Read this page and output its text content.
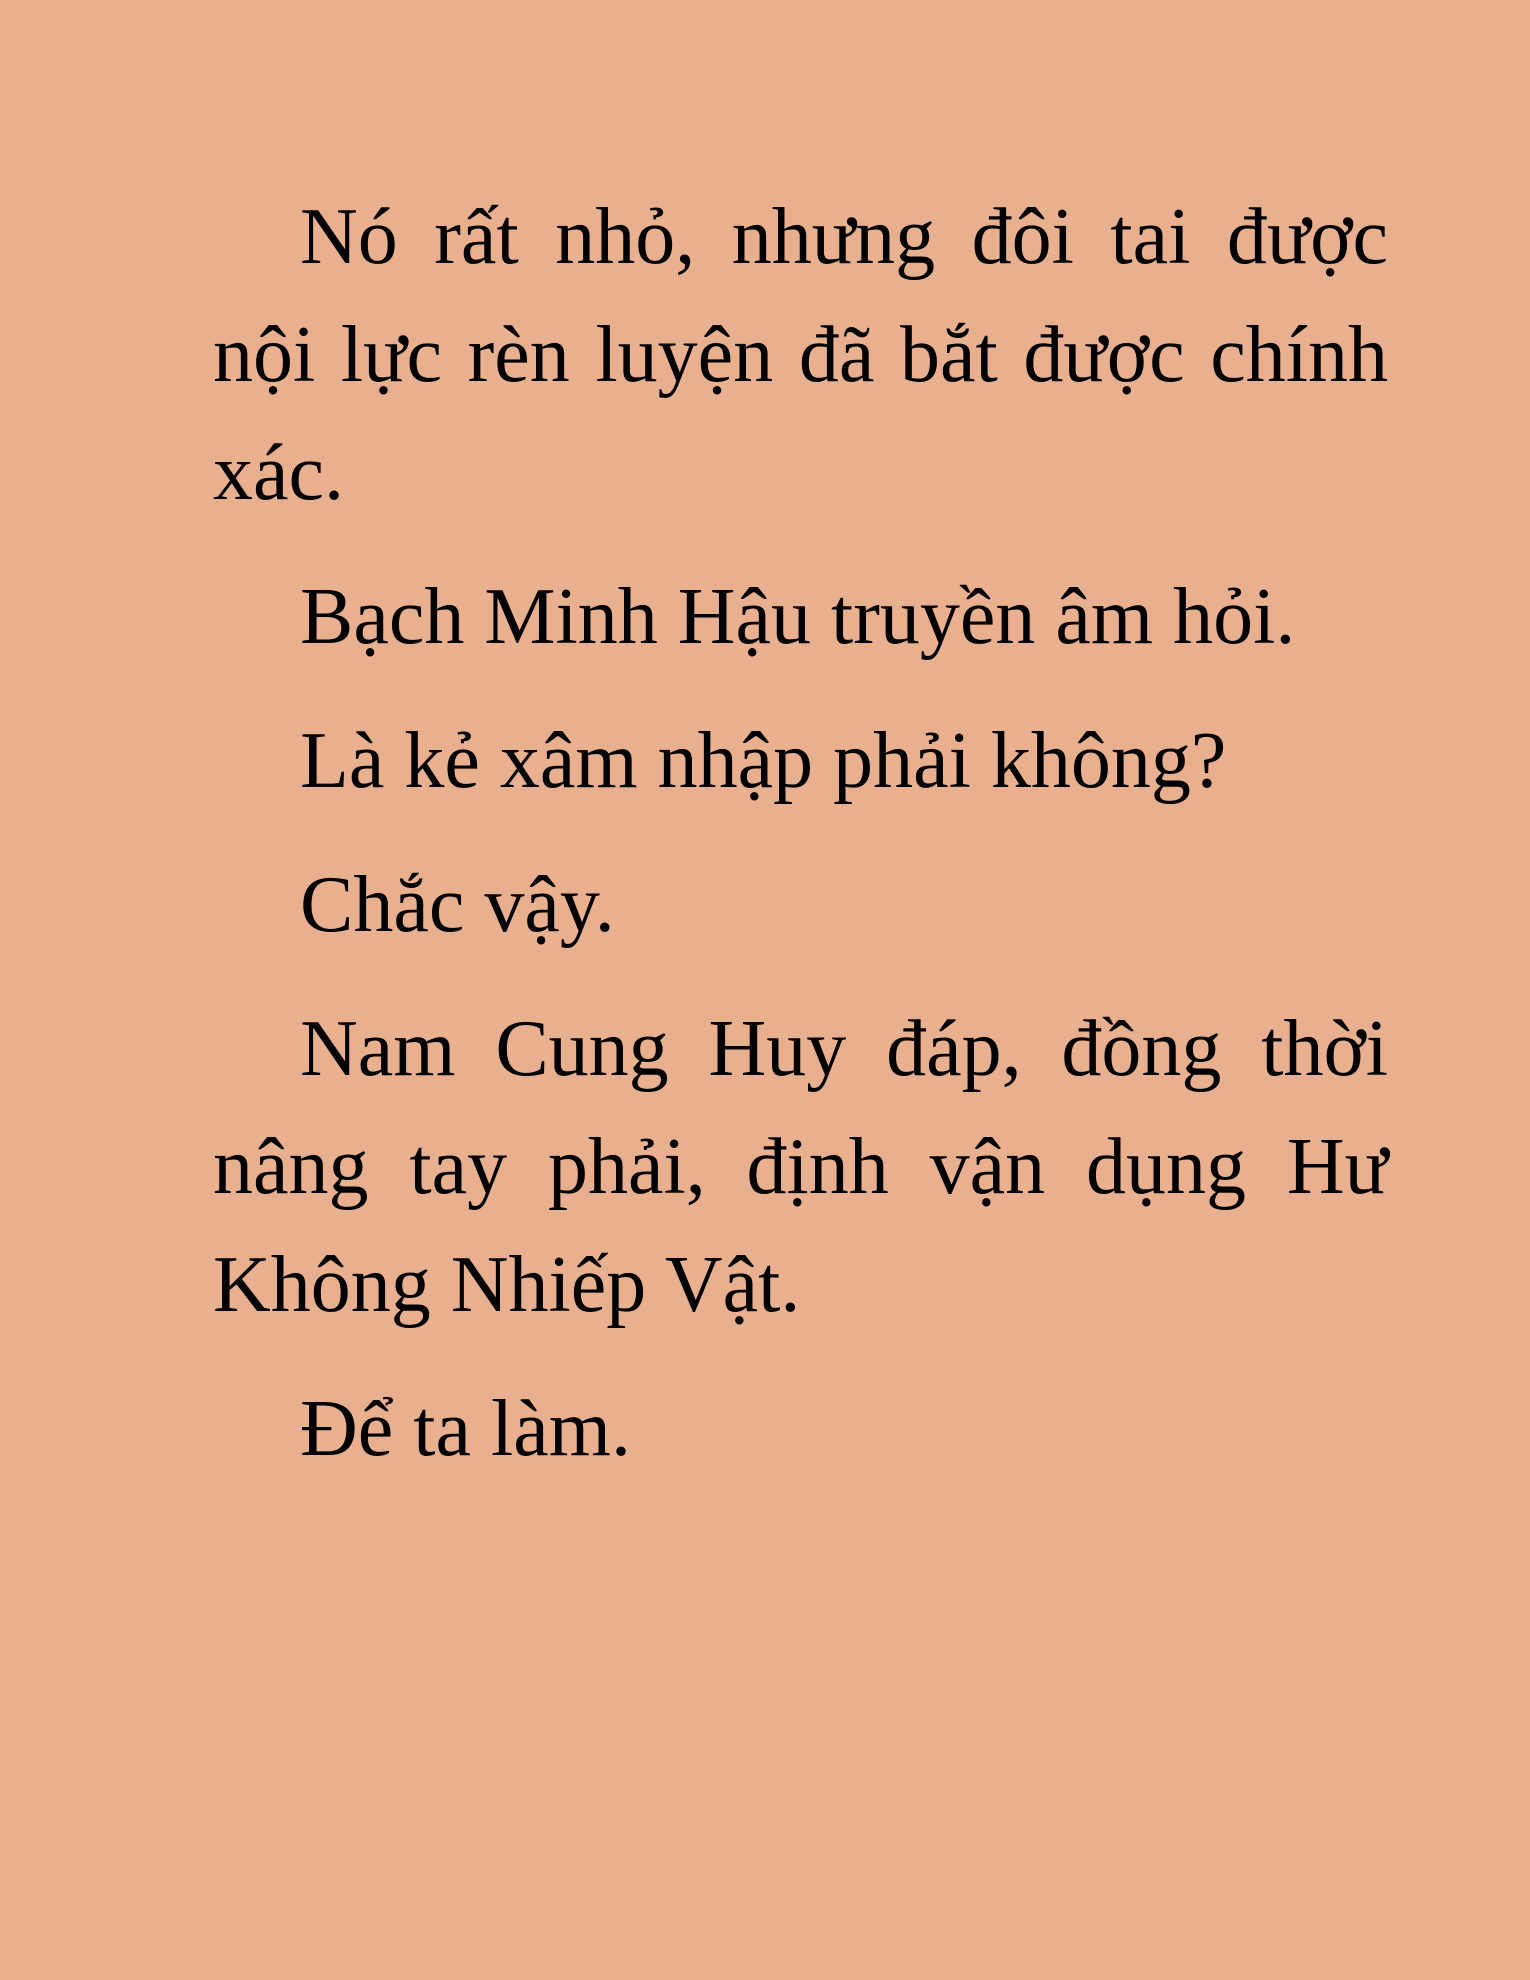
Nó rất nhỏ, nhưng đôi tai được nội lực rèn luyện đã bắt được chính xác.

Bạch Minh Hậu truyền âm hỏi.

Là kẻ xâm nhập phải không?

Chắc vậy.

Nam Cung Huy đáp, đồng thời nâng tay phải, định vận dụng Hư Không Nhiếp Vật.

Để ta làm.
